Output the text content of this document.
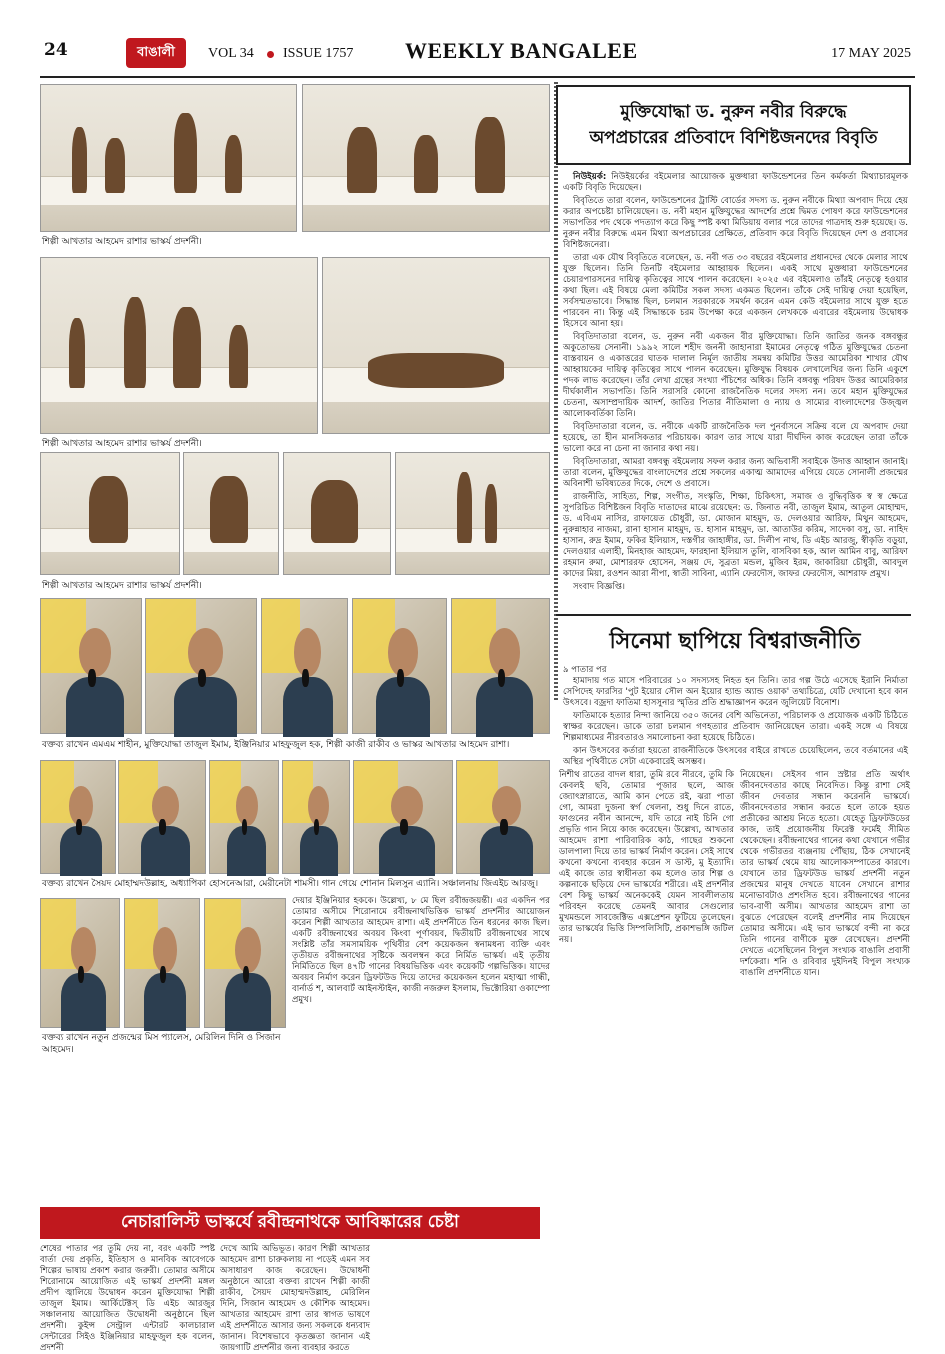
24	বাঙালী	VOL 34 ISSUE 1757 WEEKLY BANGALEE	17 MAY 2025
শিল্পী আখতার আহমেদ রাশার ভাস্কর্য প্রদর্শনী।
শিল্পী আখতার আহমেদ রাশার ভাস্কর্য প্রদর্শনী।
শিল্পী আখতার আহমেদ রাশার ভাস্কর্য প্রদর্শনী।
বক্তব্য রাখেন এমএম শাহীন, মুক্তিযোদ্ধা তাজুল ইমাম, ইঞ্জিনিয়ার মাহফুজুল হক, শিল্পী কাজী রাকীব ও ভাস্কর আখতার আহমেদ রাশা।
বক্তব্য রাখেন সৈয়দ মোহাম্মদউল্লাহ, অধ্যাপিকা হোসনেআরা, মেরীনেটা শামসী। গান গেয়ে শোনান মিলসুন এ্যানি। সঞ্চালনায় জিএইচ আরজু।
বক্তব্য রাখেন নতুন প্রজন্মের মিস প্যালেস, মেরিলিন দিনি ও সিজান আহমেদ।
মুক্তিযোদ্ধা ড. নুরুন নবীর বিরুদ্ধে
অপপ্রচারের প্রতিবাদে বিশিষ্টজনদের বিবৃতি

নিউইয়র্ক: নিউইয়র্কের বইমেলার আয়োজক মুক্তধারা ফাউন্ডেশনের তিন কর্মকর্তা মিথ্যাচারমূলক একটি বিবৃতি দিয়েছেন।

বিবৃতিতে তারা বলেন, ফাউন্ডেশনের ট্রাস্টি বোর্ডের সদস্য ড. নুরুন নবীকে মিথ্যা অপবাদ দিয়ে হেয় করার অপচেষ্টা চালিয়েছেন। ড. নবী মহান মুক্তিযুদ্ধের আদর্শের প্রশ্নে দ্বিমত পোষণ করে ফাউন্ডেশনের সভাপতির পদ থেকে পদত্যাগ করে কিছু স্পষ্ট কথা মিডিয়ায় বলার পরে তাদের গাত্রদাহ শুরু হয়েছে। ড. নুরুন নবীর বিরুদ্ধে এমন মিথ্যা অপপ্রচারের প্রেক্ষিতে, প্রতিবাদ করে বিবৃতি দিয়েছেন দেশ ও প্রবাসের বিশিষ্টজনেরা।

তারা এক যৌথ বিবৃতিতে বলেছেন, ড. নবী গত ৩৩ বছরের বইমেলার প্রধানদের থেকে মেলার সাথে যুক্ত ছিলেন। তিনি তিনটি বইমেলার আহ্বায়ক ছিলেন। একই সাথে মুক্তধারা ফাউন্ডেশনের চেয়ারপারসনের দায়িত্ব কৃতিত্বের সাথে পালন করেছেন। ২০২৫ এর বইমেলাও তাঁরই নেতৃত্বে হওয়ার কথা ছিল। এই বিষয়ে মেলা কমিটির সকল সদস্য একমত ছিলেন। তাঁকে সেই দায়িত্ব দেয়া হয়েছিল, সর্বসম্মতভাবে। সিদ্ধান্ত ছিল, চলমান সরকারকে সমর্থন করেন এমন কেউ বইমেলার সাথে যুক্ত হতে পারবেন না। কিন্তু এই সিদ্ধান্তকে চরম উপেক্ষা করে একজন লেখককে এবারের বইমেলায় উদ্বোধক হিসেবে আনা হয়।

বিবৃতিদাতারা বলেন, ড. নুরুন নবী একজন বীর মুক্তিযোদ্ধা। তিনি জাতির জনক বঙ্গবন্ধুর অকুতোভয় সেনানী। ১৯৯২ সালে শহীদ জননী জাহানারা ইমামের নেতৃত্বে গঠিত মুক্তিযুদ্ধের চেতনা বাস্তবায়ন ও একাত্তরের ঘাতক দালাল নির্মূল জাতীয় সমন্বয় কমিটির উত্তর আমেরিকা শাখার যৌথ আহ্বায়কের দায়িত্ব কৃতিত্বের সাথে পালন করেছেন। মুক্তিযুদ্ধ বিষয়ক লেখালেখির জন্য তিনি একুশে পদক লাভ করেছেন। তাঁর লেখা গ্রন্থের সংখ্যা পঁচিশের অধিক। তিনি বঙ্গবন্ধু পরিষদ উত্তর আমেরিকার দীর্ঘকালীন সভাপতি। তিনি সরাসরি কোনো রাজনৈতিক দলের সদস্য নন। তবে মহান মুক্তিযুদ্ধের চেতনা, অসাম্প্রদায়িক আদর্শ, জাতির পিতার নীতিমালা ও ন্যায় ও সাম্যের বাংলাদেশের উজ্জ্বল আলোকবর্তিকা তিনি।

বিবৃতিদাতারা বলেন, ড. নবীকে একটি রাজনৈতিক দল পুনর্বাসনে সক্রিয় বলে যে অপবাদ দেয়া হয়েছে, তা হীন মানসিকতার পরিচায়ক। কারণ তার সাথে যারা দীর্ঘদিন কাজ করেছেন তারা তাঁকে ভালো করে না চেনা না জানার কথা নয়।

বিবৃতিদাতারা, আমরা বঙ্গবন্ধু বইমেলায় সফল করার জন্য অভিবাসী সবাইকে উদাত্ত আহ্বান জানাই। তারা বলেন, মুক্তিযুদ্ধের বাংলাদেশের প্রশ্নে সকলের একাত্ম আমাদের এগিয়ে যেতে সোনালী প্রজন্মের অবিনাশী ভবিষ্যতের দিকে, দেশে ও প্রবাসে।

রাজনীতি, সাহিত্য, শিল্প, সংগীত, সংস্কৃতি, শিক্ষা, চিকিৎসা, সমাজ ও বুদ্ধিবৃত্তিক স্ব স্ব ক্ষেত্রে সুপরিচিত বিশিষ্টজন বিবৃতি দাতাদের মাঝে রয়েছেন: ড. জিনাত নবী, তাজুল ইমাম, আতুল মোহাম্মদ, ড. এবিএম নাসির, রাফায়েত চৌধুরী, ডা. মোজান মাহমুদ, ড. দেলওয়ার আরিফ, মিথুন আহমেদ, নুরুন্নাহার নাজমা, রানা হাসান মাহমুদ, ড. হাসান মাহমুদ, ডা. আতাউর করিম, সাদেকা বসু, ডা. নাহিদ হাসান, রুদ্র ইমাম, ফকির ইলিয়াস, দস্তগীর জাহাঙ্গীর, ডা. দিলীপ নাথ, ডি এইচ আরজু, স্বীকৃতি বড়ুয়া, দেলওয়ার এলাহী, মিনহাজ আহমেদ, ফারহানা ইলিয়াস তুলি, বাসবিকা হক, আল আমিন বাবু, আরিফা রহমান রুমা, মোশাররফ হোসেন, সঞ্জয় দে, সুব্রতা মন্ডল, মুজিব ইরম, জাকারিয়া চৌধুরী, আবদুল কাদের মিয়া, রওশন আরা নীপা, স্বাতী সাবিনা, এ্যানি ফেরদৌস, জাফর ফেরদৌস, আশরাফ প্রমুখ।

সংবাদ বিজ্ঞপ্তি।

সিনেমা ছাপিয়ে বিশ্বরাজনীতি
৯ পাতার পর

হামাদায় গত মাসে পরিবারের ১০ সদস্যসহ নিহত হন তিনি। তার গল্প উঠে এসেছে ইরানি নির্মাতা সেপিদেহ ফারসির 'পুট ইয়োর সৌল অন ইয়োর হ্যান্ড অ্যান্ড ওয়াক' তথ্যচিত্রে, যেটি দেখানো হবে কান উৎসবে। বজ্রদা ফাতিমা হাসসুনার স্মৃতির প্রতি শ্রদ্ধাজ্ঞাপন করেন জুলিয়েট বিনোশ।

ফাতিমাকে হত্যার নিন্দা জানিয়ে ৩৫০ জনের বেশি অভিনেতা, পরিচালক ও প্রযোজক একটি চিঠিতে স্বাক্ষর করেছেন। ডাকে তারা চলমান গণহত্যার প্রতিবাদ জানিয়েছেন তারা। একই সঙ্গে এ বিষয়ে শিল্পমাধ্যমের নীরবতারও সমালোচনা করা হয়েছে চিঠিতে।

কান উৎসবের কর্তারা হয়তো রাজনীতিকে উৎসবের বাইরে রাখতে চেয়েছিলেন, তবে বর্তমানের এই অস্থির পৃথিবীতে সেটা একেবারেই অসম্ভব।

দেয়ার ইঞ্জিনিয়ার হককে। উল্লেখ্য, ৮ মে ছিল রবীন্দ্রজয়ন্তী। এর একদিন পর তোমার অসীমে শিরোনামে রবীন্দ্রনাথভিত্তিক ভাস্কর্য প্রদর্শনীর আয়োজন করেন শিল্পী আখতার আহমেদ রাশা। এই প্রদর্শনীতে তিন ধরনের কাজ ছিল। একটি রবীন্দ্রনাথের অবয়ব কিংবা পূর্ণাবয়ব, দ্বিতীয়টি রবীন্দ্রনাথের সাথে সংশ্লিষ্ট তাঁর সমসাময়িক পৃথিবীর বেশ কয়েকজন স্বনামধন্য ব্যক্তি এবং তৃতীয়ত রবীন্দ্রনাথের সৃষ্টিকে অবলম্বন করে নির্মিত ভাস্কর্য। এই তৃতীয় নির্মিতিতে ছিল ৪৭টি গানের বিষয়ভিত্তিক এবং কয়েকটি গল্পভিত্তিক। যাদের অবয়ব নির্মাণ করেন ড্রিফটউড দিয়ে তাদের কয়েকজন হলেন মহাত্মা গান্ধী, বার্নার্ড শ, আলবার্ট আইনস্টাইন, কাজী নজরুল ইসলাম, ভিক্টোরিয়া ওকাম্পো প্রমুখ।
নিশীথ রাতের বাদল ধারা, তুমি রবে নীরবে, তুমি কি কেবলই ছবি, তোমার পূজার ছলে, আজ জ্যোৎস্নারাতে, আমি কান পেতে রই, ঝরা পাতা গো, আমরা দুজনা স্বর্গ খেলনা, শুধু দিনে রাতে, ফাগুনের নবীন আনন্দে, যদি তারে নাই চিনি গো প্রভৃতি গান নিয়ে কাজ করেছেন। উল্লেখ্য, আখতার আহমেদ রাশা পারিবারিক কাঠ, গাছের শুকনো ডালপালা দিয়ে তার ভাস্কর্য নির্মাণ করেন। সেই সাথে কখনো কখনো ব্যবহার করেন স ডাস্ট, মু ইত্যাদি। এই কাজে তার স্বাধীনতা কম হলেও তার শিল্প ও কল্পনাকে ছড়িয়ে দেন ভাস্কর্যের শরীরে। এই প্রদর্শনীর বেশ কিছু ভাস্কর্য অনেককেই যেমন সাবলীলতায় পরিবহন করেছে তেমনই আবার সেগুলোর মুখমন্ডলে সাবজেক্টিভ এক্সপ্রেশন ফুটিয়ে তুলেছেন। তার ভাস্কর্যের ভিত্তি সিম্পলিসিটি, প্রকাশভঙ্গি জটিল নয়।
নিয়েছেন। সেইসব গান স্রষ্টার প্রতি অর্থাৎ জীবনদেবতার কাছে নিবেদিত। কিন্তু রাশা সেই জীবন দেবতার সন্ধান করেননি ভাস্কর্যে। জীবনদেবতার সন্ধান করতে হলে তাকে হয়ত প্রতীকের আশ্রয় নিতে হতো। যেহেতু ড্রিফটউডের কাজ, তাই প্রয়োজনীয় ফিরেক্ট ফর্মেই সীমিত থেকেছেন। রবীন্দ্রনাথের গানের কথা যেখানে গভীর থেকে গভীরতর ব্যঞ্জনায় পৌঁছায়, ঠিক সেখানেই তার ভাস্কর্য থেমে যায় আলোকসম্পাতের কারণে। যেখানে তার ড্রিফটউড ভাস্কর্য প্রদর্শনী নতুন প্রজন্মের মানুষ দেখতে যাবেন সেখানে রাশার মনোভাবটাও প্রশংসিত হবে। রবীন্দ্রনাথের গানের ভাব-বাণী অসীম। আখতার আহমেদ রাশা তা বুঝতে পেরেছেন বলেই প্রদর্শনীর নাম দিয়েছেন তোমার অসীমে। এই ভাব ভাস্কর্যে বন্দী না করে তিনি গানের বাণীকে মুক্ত রেখেছেন। প্রদর্শনী দেখতে এসেছিলেন বিপুল সংখ্যক বাঙালি প্রবাসী দর্শকেরা। শনি ও রবিবার দুইদিনই বিপুল সংখ্যক বাঙালি প্রদর্শনীতে যান।
নেচারালিস্ট ভাস্কর্যে রবীন্দ্রনাথকে আবিষ্কারের চেষ্টা
শেষের পাতার পর তুমি দেয় না, বরং একটি স্পষ্ট বার্তা দেয় প্রকৃতি, ইতিহাস ও মানবিক আবেগকে শিল্পের ভাষায় প্রকাশ করার জরুরী। তোমার অসীমে শিরোনামে আয়োজিত এই ভাস্কর্য প্রদর্শনী মঙ্গল প্রদীপ জ্বালিয়ে উদ্বোধন করেন মুক্তিযোদ্ধা শিল্পী তাজুল ইমাম। আর্কিটেক্টস্ ডি এইচ আরজুর সঞ্চালনায় আয়োজিত উদ্বোধনী অনুষ্ঠানে ছিল প্রদর্শনী। কুইন্স সেন্ট্রাল এন্টারট কালচারাল সেন্টারের সিইও ইঞ্জিনিয়ার মাহফুজুল হক বলেন, প্রদর্শনী
দেখে আমি অভিভূত। কারণ শিল্পী আখতার আহমেদ রাশা চারুকলায় না পড়েই এমন সব অসাধারণ কাজ করেছেন। উদ্বোধনী অনুষ্ঠানে আরো বক্তব্য রাখেন শিল্পী কাজী রাকীব, সৈয়দ মোহাম্মদউল্লাহ, মেরিলিন দিনি, সিজান আহমেদ ও কৌশিক আহমেদ। আখতার আহমেদ রাশা তার স্বাগত ভাষণে এই প্রদর্শনীতে আসার জন্য সকলকে ধন্যবাদ জানান। বিশেষভাবে কৃতজ্ঞতা জানান এই জায়গাটি প্রদর্শনীর জন্য ব্যবহার করতে
